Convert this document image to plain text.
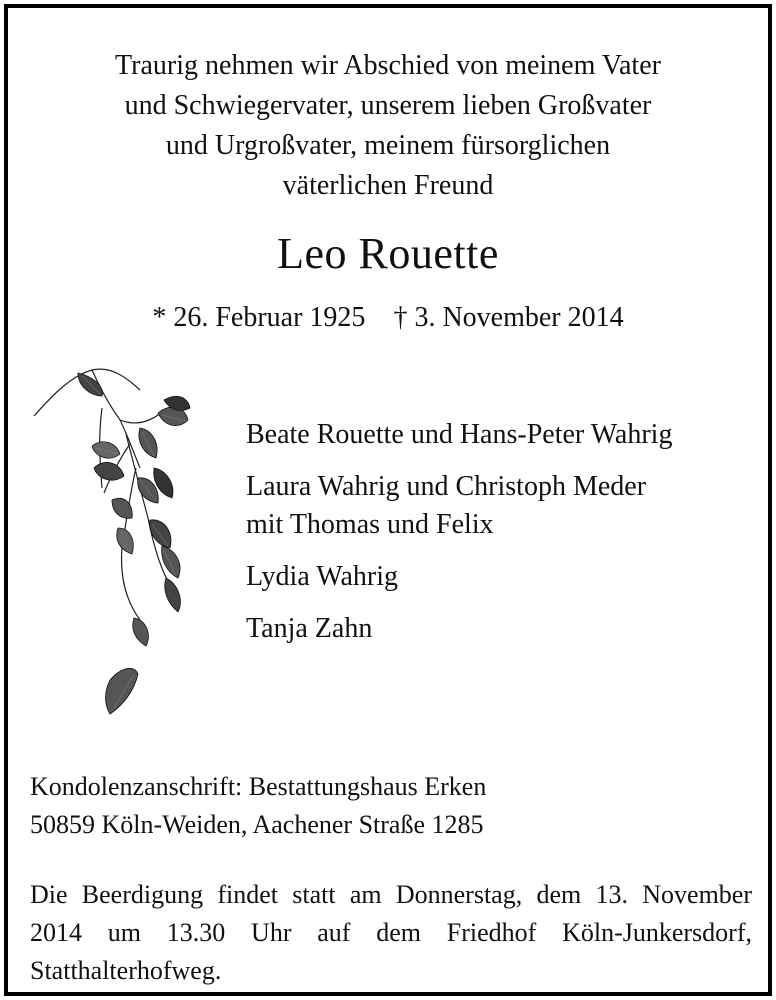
Traurig nehmen wir Abschied von meinem Vater
und Schwiegervater, unserem lieben Großvater
und Urgroßvater, meinem fürsorglichen
väterlichen Freund
Leo Rouette
* 26. Februar 1925 † 3. November 2014
Beate Rouette und Hans-Peter Wahrig
Laura Wahrig und Christoph Meder
mit Thomas und Felix
Lydia Wahrig
Tanja Zahn
Kondolenzanschrift: Bestattungshaus Erken
50859 Köln-Weiden, Aachener Straße 1285
Die Beerdigung findet statt am Donnerstag, dem 13. November
2014 um 13.30 Uhr auf dem Friedhof Köln-Junkersdorf,
Statthalterhofweg.
